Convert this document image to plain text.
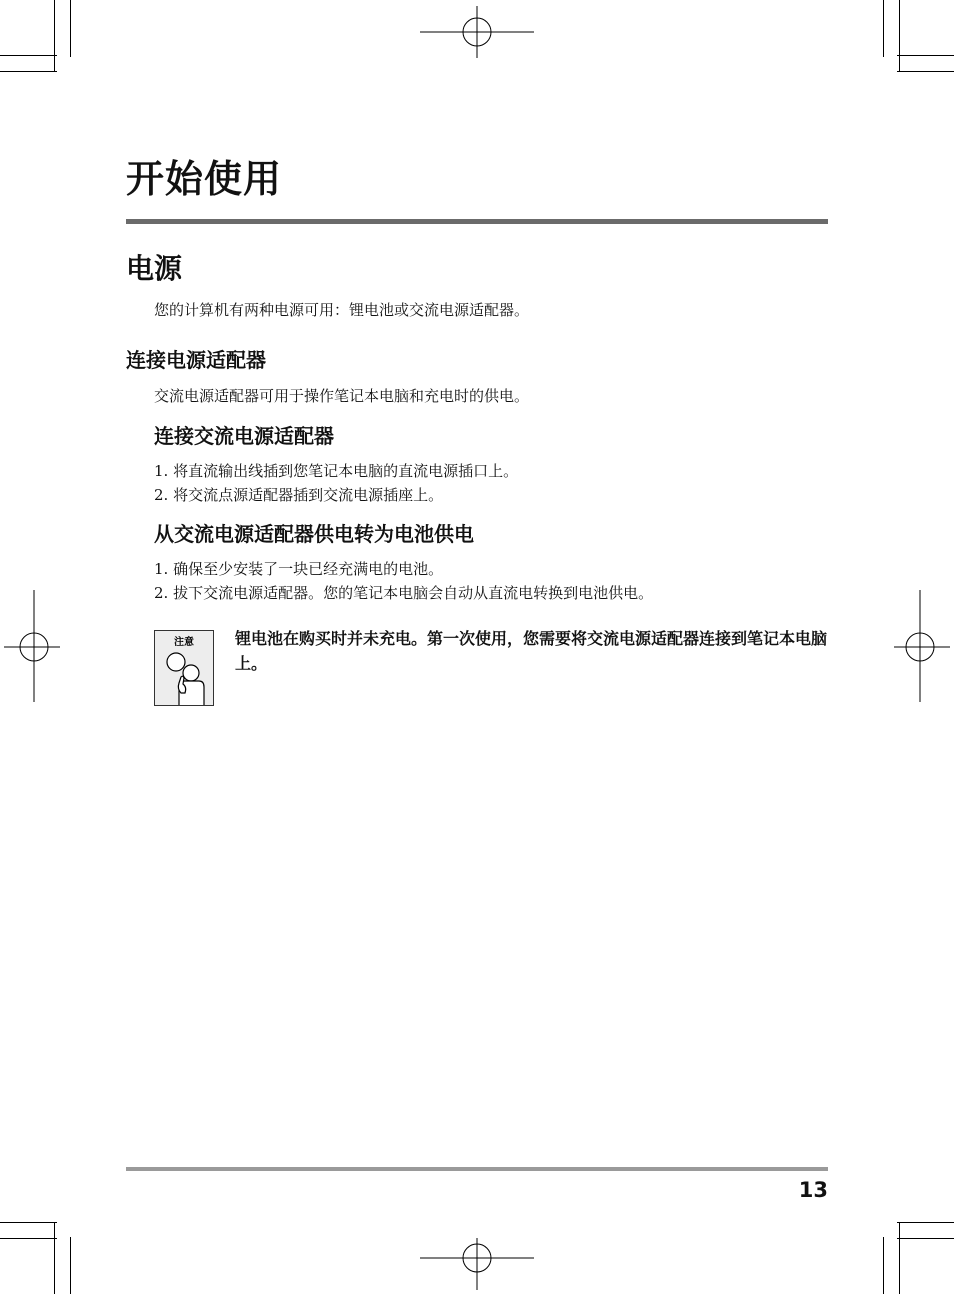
开始使用
电源
您的计算机有两种电源可用：锂电池或交流电源适配器。
连接电源适配器
交流电源适配器可用于操作笔记本电脑和充电时的供电。
连接交流电源适配器
1. 将直流输出线插到您笔记本电脑的直流电源插口上。
2. 将交流点源适配器插到交流电源插座上。
从交流电源适配器供电转为电池供电
1. 确保至少安装了一块已经充满电的电池。
2. 拔下交流电源适配器。您的笔记本电脑会自动从直流电转换到电池供电。
注意	锂电池在购买时并未充电。第一次使用，您需要将交流电源适配器连接到笔记本电脑上。
13
